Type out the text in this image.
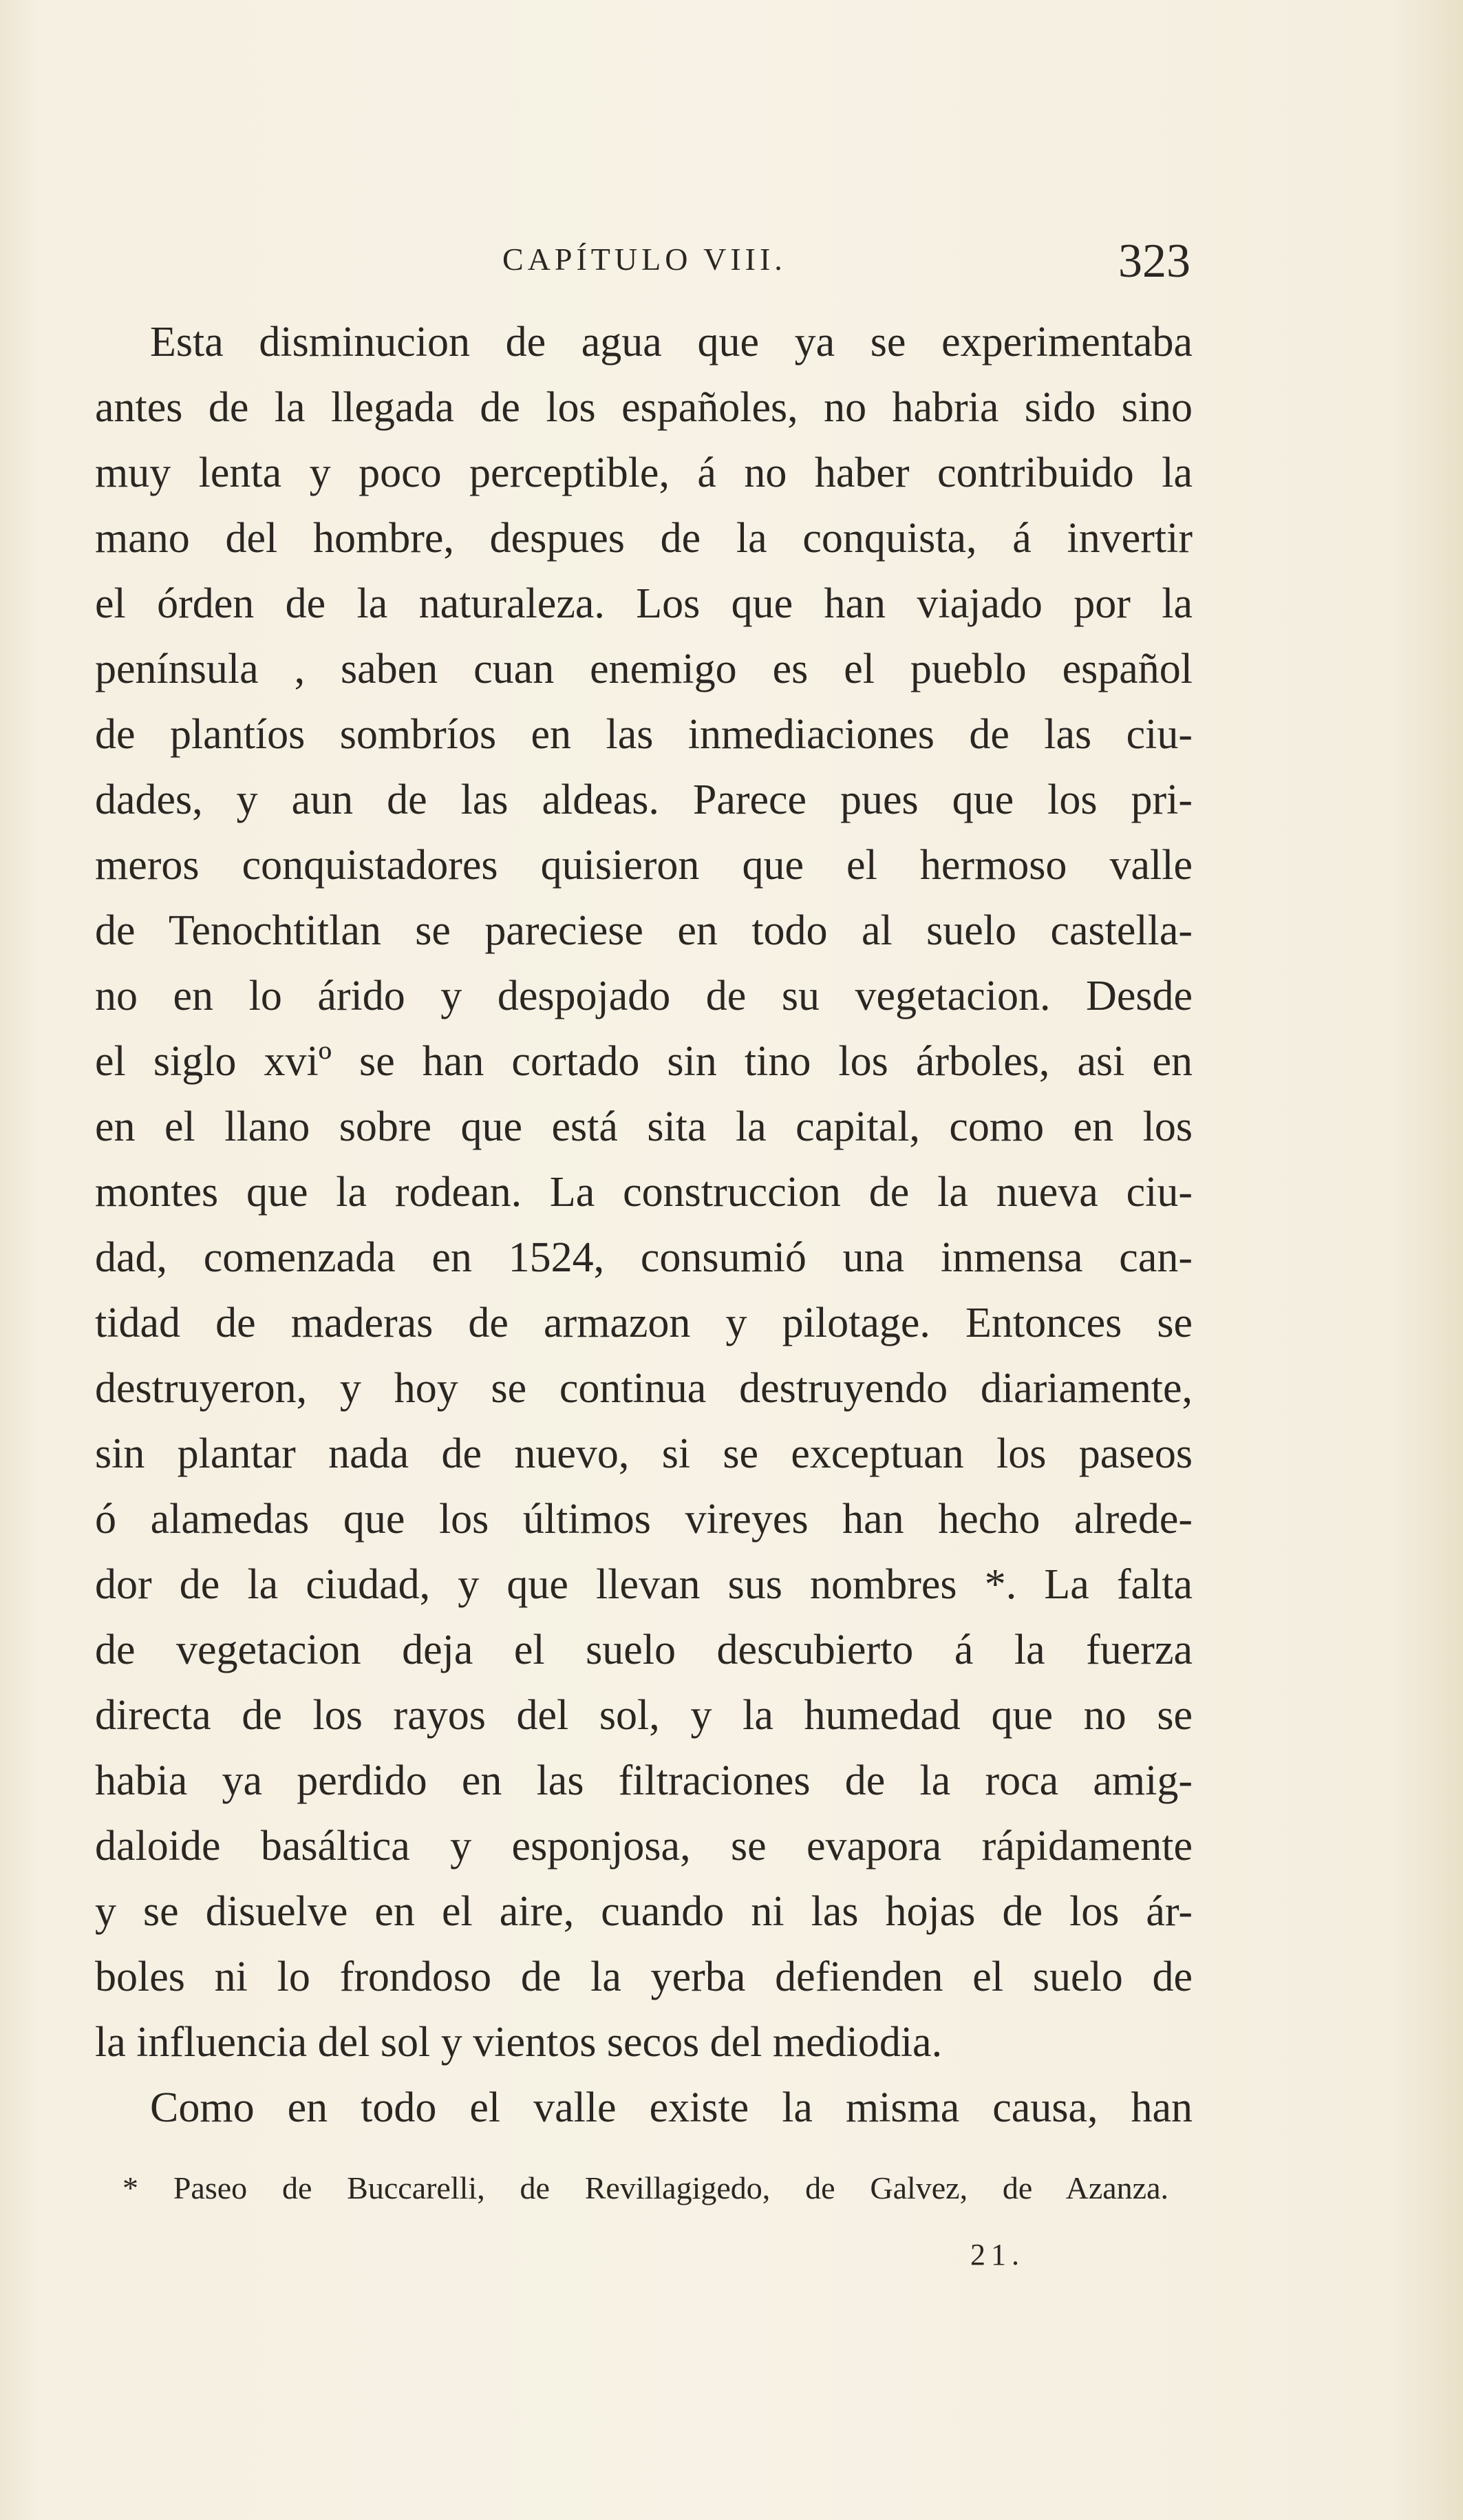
CAPÍTULO VIII.	323
Esta disminucion de agua que ya se experimentaba
antes de la llegada de los españoles, no habria sido sino
muy lenta y poco perceptible, á no haber contribuido la
mano del hombre, despues de la conquista, á invertir
el órden de la naturaleza. Los que han viajado por la
península , saben cuan enemigo es el pueblo español
de plantíos sombríos en las inmediaciones de las ciu-
dades, y aun de las aldeas. Parece pues que los pri-
meros conquistadores quisieron que el hermoso valle
de Tenochtitlan se pareciese en todo al suelo castella-
no en lo árido y despojado de su vegetacion. Desde
el siglo xviº se han cortado sin tino los árboles, asi en
en el llano sobre que está sita la capital, como en los
montes que la rodean. La construccion de la nueva ciu-
dad, comenzada en 1524, consumió una inmensa can-
tidad de maderas de armazon y pilotage. Entonces se
destruyeron, y hoy se continua destruyendo diariamente,
sin plantar nada de nuevo, si se exceptuan los paseos
ó alamedas que los últimos vireyes han hecho alrede-
dor de la ciudad, y que llevan sus nombres *. La falta
de vegetacion deja el suelo descubierto á la fuerza
directa de los rayos del sol, y la humedad que no se
habia ya perdido en las filtraciones de la roca amig-
daloide basáltica y esponjosa, se evapora rápidamente
y se disuelve en el aire, cuando ni las hojas de los ár-
boles ni lo frondoso de la yerba defienden el suelo de
la influencia del sol y vientos secos del mediodia.
Como en todo el valle existe la misma causa, han
* Paseo de Buccarelli, de Revillagigedo, de Galvez, de Azanza.
21.
